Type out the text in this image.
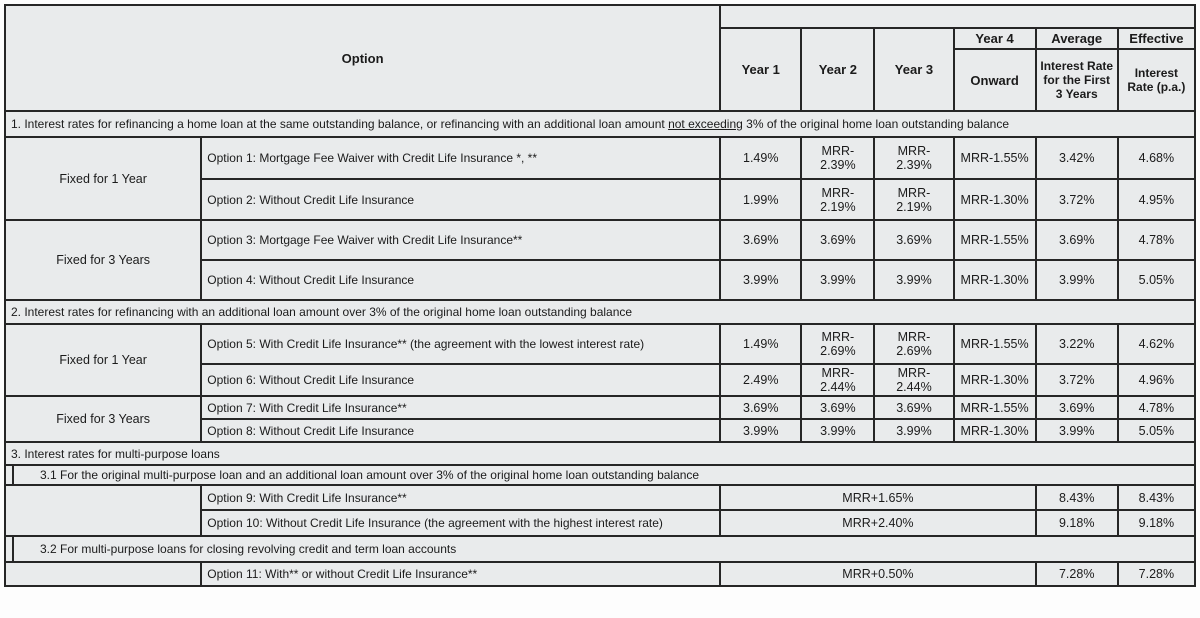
Option								
			Year 1	Year 2	Year 3	Year 4	Average	Effective
						Onward	Interest Rate for the First 3 Years	Interest Rate (p.a.)
1. Interest rates for refinancing a home loan at the same outstanding balance, or refinancing with an additional loan amount not exceeding 3% of the original home loan outstanding balance								
Fixed for 1 Year		Option 1: Mortgage Fee Waiver with Credit Life Insurance *, **	1.49%	MRR-2.39%	MRR-2.39%	MRR-1.55%	3.42%	4.68%
		Option 2: Without Credit Life Insurance	1.99%	MRR-2.19%	MRR-2.19%	MRR-1.30%	3.72%	4.95%
Fixed for 3 Years		Option 3: Mortgage Fee Waiver with Credit Life Insurance**	3.69%	3.69%	3.69%	MRR-1.55%	3.69%	4.78%
		Option 4: Without Credit Life Insurance	3.99%	3.99%	3.99%	MRR-1.30%	3.99%	5.05%
2. Interest rates for refinancing with an additional loan amount over 3% of the original home loan outstanding balance								
Fixed for 1 Year		Option 5: With Credit Life Insurance** (the agreement with the lowest interest rate)	1.49%	MRR-2.69%	MRR-2.69%	MRR-1.55%	3.22%	4.62%
		Option 6: Without Credit Life Insurance	2.49%	MRR-2.44%	MRR-2.44%	MRR-1.30%	3.72%	4.96%
Fixed for 3 Years		Option 7: With Credit Life Insurance**	3.69%	3.69%	3.69%	MRR-1.55%	3.69%	4.78%
		Option 8: Without Credit Life Insurance	3.99%	3.99%	3.99%	MRR-1.30%	3.99%	5.05%
3. Interest rates for multi-purpose loans								
	3.1 For the original multi-purpose loan and an additional loan amount over 3% of the original home loan outstanding balance							
		Option 9: With Credit Life Insurance**	MRR+1.65%				8.43%	8.43%
		Option 10: Without Credit Life Insurance (the agreement with the highest interest rate)	MRR+2.40%				9.18%	9.18%
	3.2 For multi-purpose loans for closing revolving credit and term loan accounts							
		Option 11: With** or without Credit Life Insurance**	MRR+0.50%				7.28%	7.28%
